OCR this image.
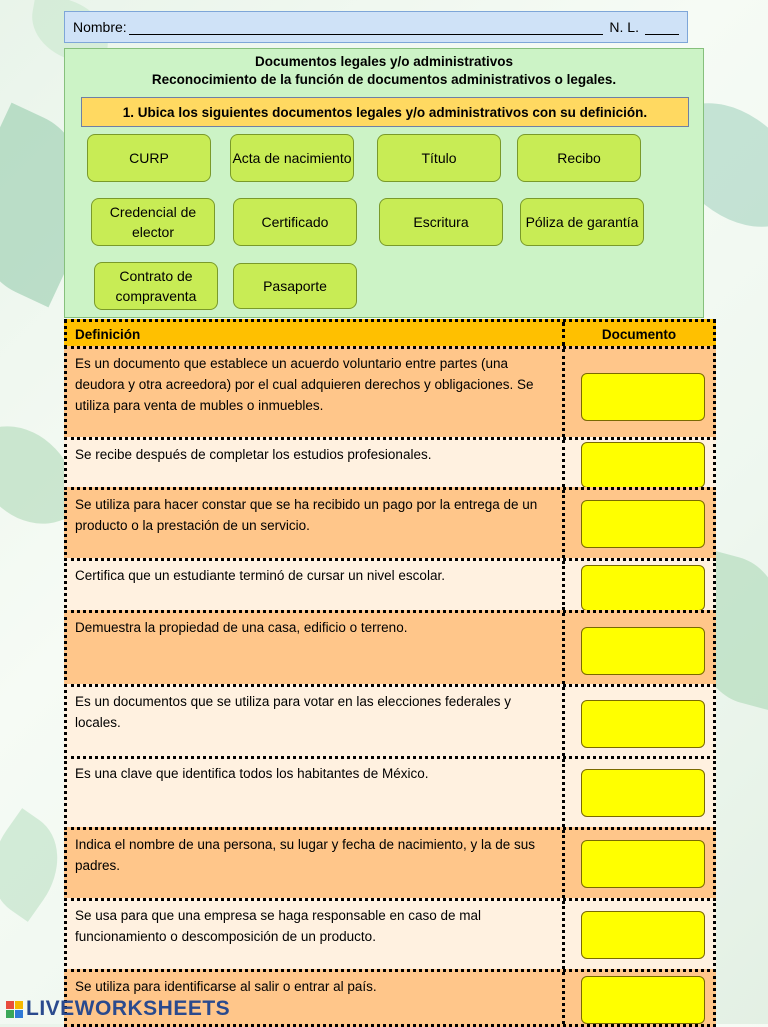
Nombre:	N. L.
Documentos legales y/o administrativos
Reconocimiento de la función de documentos administrativos o legales.
1. Ubica los siguientes documentos legales y/o administrativos con su definición.
CURP	Acta de nacimiento	Título	Recibo
Credencial de elector
Certificado	Escritura	Póliza de garantía
Contrato de compraventa
Pasaporte
Definición	Documento
Es un documento que establece un acuerdo voluntario entre partes (una deudora y otra acreedora) por el cual adquieren derechos y obligaciones. Se utiliza para venta de mubles o inmuebles.
Se recibe después de completar los estudios profesionales.
Se utiliza para hacer constar que se ha recibido un pago por la entrega de un producto o la prestación de un servicio.
Certifica que un estudiante terminó de cursar un nivel escolar.
Demuestra la propiedad de una casa, edificio o terreno.
Es un documentos que se utiliza para votar en las elecciones federales y locales.
Es una clave que identifica todos los habitantes de México.
Indica el nombre de una persona, su lugar y fecha de nacimiento, y la de sus padres.
Se usa para que una empresa se haga responsable en caso de mal funcionamiento o descomposición de un producto.
Se utiliza para identificarse al salir o entrar al país.
LIVEWORKSHEETS
